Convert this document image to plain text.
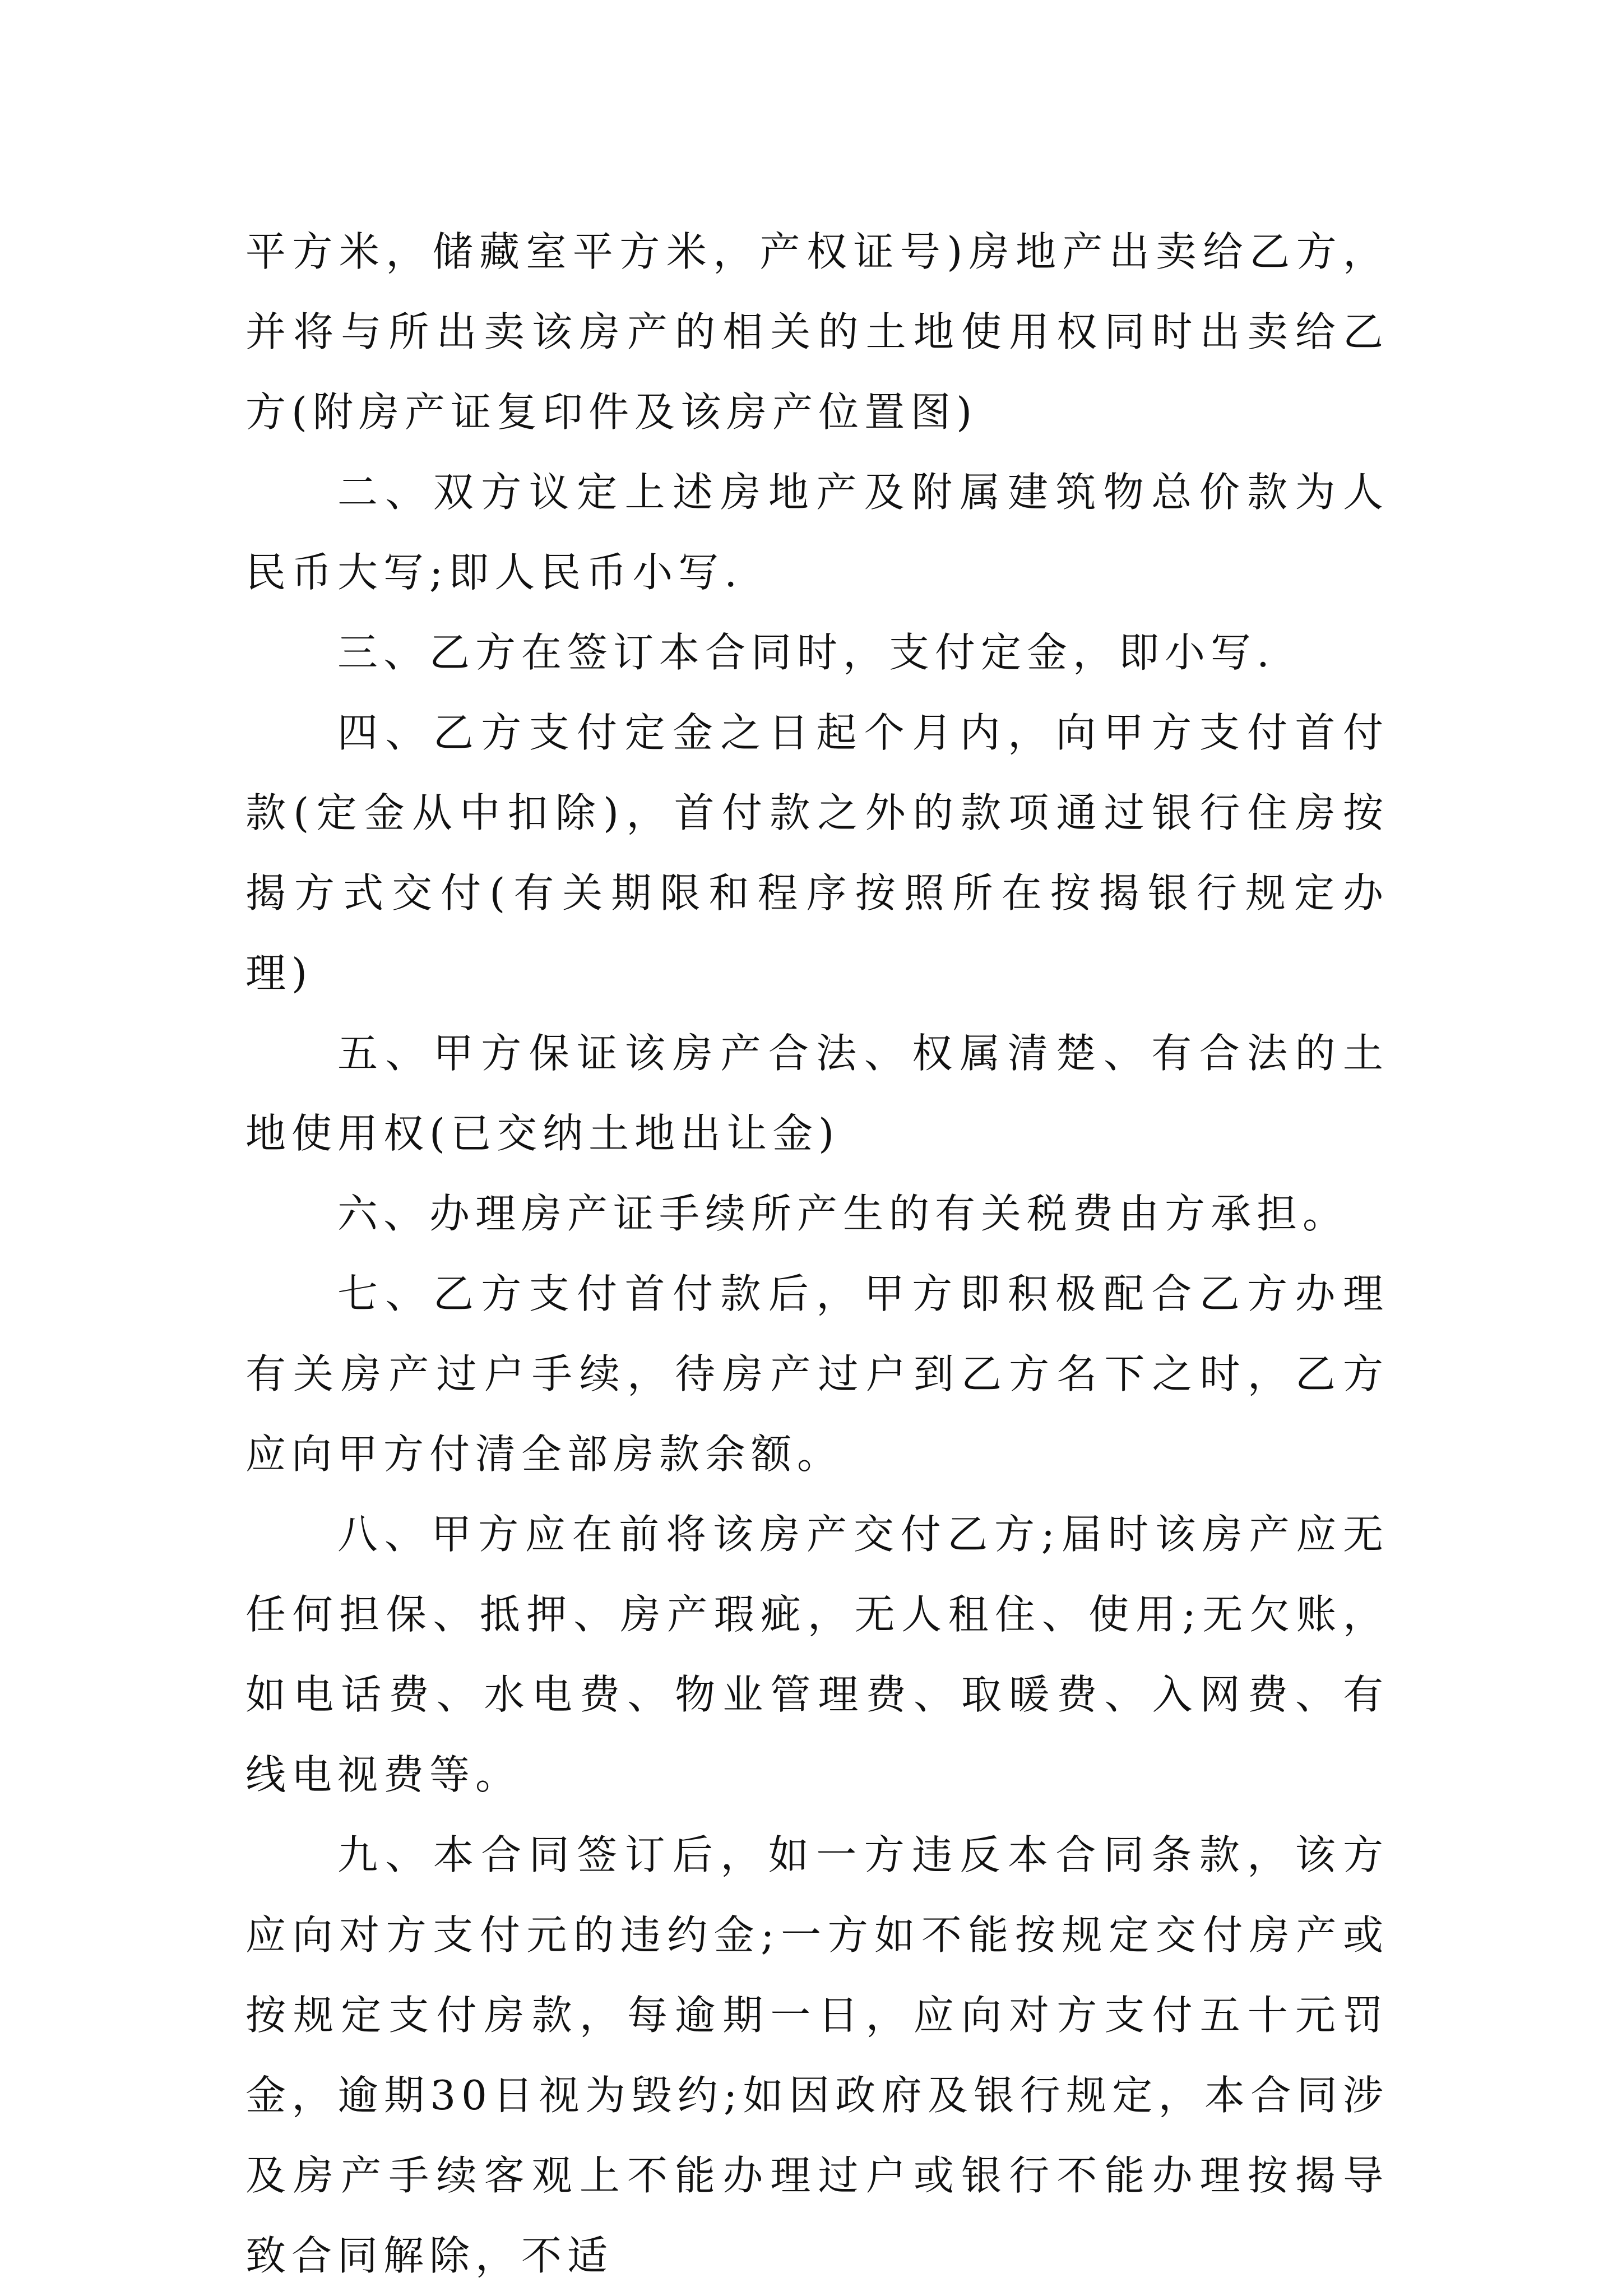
平方米，储藏室平方米，产权证号)房地产出卖给乙方，并将与所出卖该房产的相关的土地使用权同时出卖给乙方(附房产证复印件及该房产位置图)

二、双方议定上述房地产及附属建筑物总价款为人民币大写;即人民币小写.

三、乙方在签订本合同时，支付定金，即小写.

四、乙方支付定金之日起个月内，向甲方支付首付款(定金从中扣除)，首付款之外的款项通过银行住房按揭方式交付(有关期限和程序按照所在按揭银行规定办理)

五、甲方保证该房产合法、权属清楚、有合法的土地使用权(已交纳土地出让金)

六、办理房产证手续所产生的有关税费由方承担。

七、乙方支付首付款后，甲方即积极配合乙方办理有关房产过户手续，待房产过户到乙方名下之时，乙方应向甲方付清全部房款余额。

八、甲方应在前将该房产交付乙方;届时该房产应无任何担保、抵押、房产瑕疵，无人租住、使用;无欠账，如电话费、水电费、物业管理费、取暖费、入网费、有线电视费等。

九、本合同签订后，如一方违反本合同条款，该方应向对方支付元的违约金;一方如不能按规定交付房产或按规定支付房款，每逾期一日，应向对方支付五十元罚金，逾期30日视为毁约;如因政府及银行规定，本合同涉及房产手续客观上不能办理过户或银行不能办理按揭导致合同解除，不适
